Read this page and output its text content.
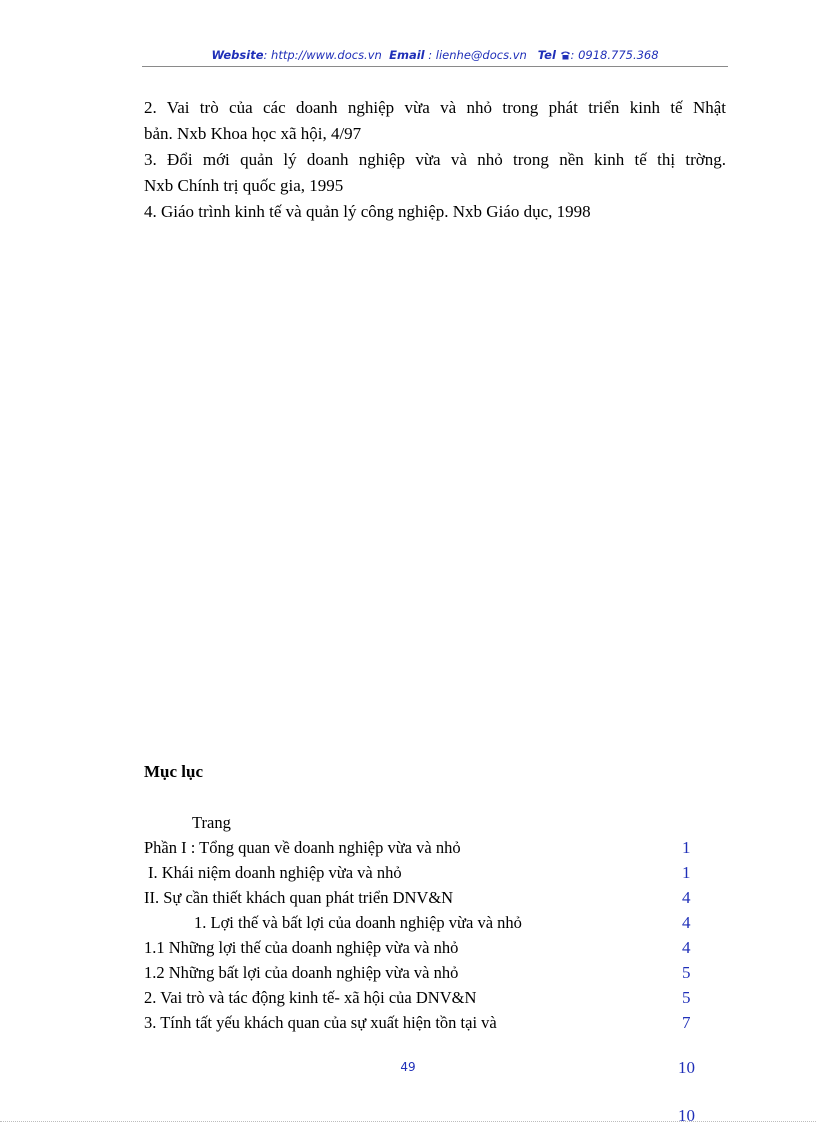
Website: http://www.docs.vn Email : lienhe@docs.vn Tel : 0918.775.368

2. Vai trò của các doanh nghiệp vừa và nhỏ trong phát triển kinh tế Nhật

bản. Nxb Khoa học xã hội, 4/97

3. Đổi mới quản lý doanh nghiệp vừa và nhỏ trong nền kinh tế thị trờng.

Nxb Chính trị quốc gia, 1995

4. Giáo trình kinh tế và quản lý công nghiệp. Nxb Giáo dục, 1998

Mục lục
Trang
Phần I : Tổng quan về doanh nghiệp vừa và nhỏ	1
I. Khái niệm doanh nghiệp vừa và nhỏ	1
II. Sự cần thiết khách quan phát triển DNV&N	4
1. Lợi thế và bất lợi của doanh nghiệp vừa và nhỏ	4
1.1 Những lợi thế của doanh nghiệp vừa và nhỏ	4
1.2 Những bất lợi của doanh nghiệp vừa và nhỏ	5
2. Vai trò và tác động kinh tế- xã hội của DNV&N	5
3. Tính tất yếu khách quan của sự xuất hiện tồn tại và	7
49	10
10
